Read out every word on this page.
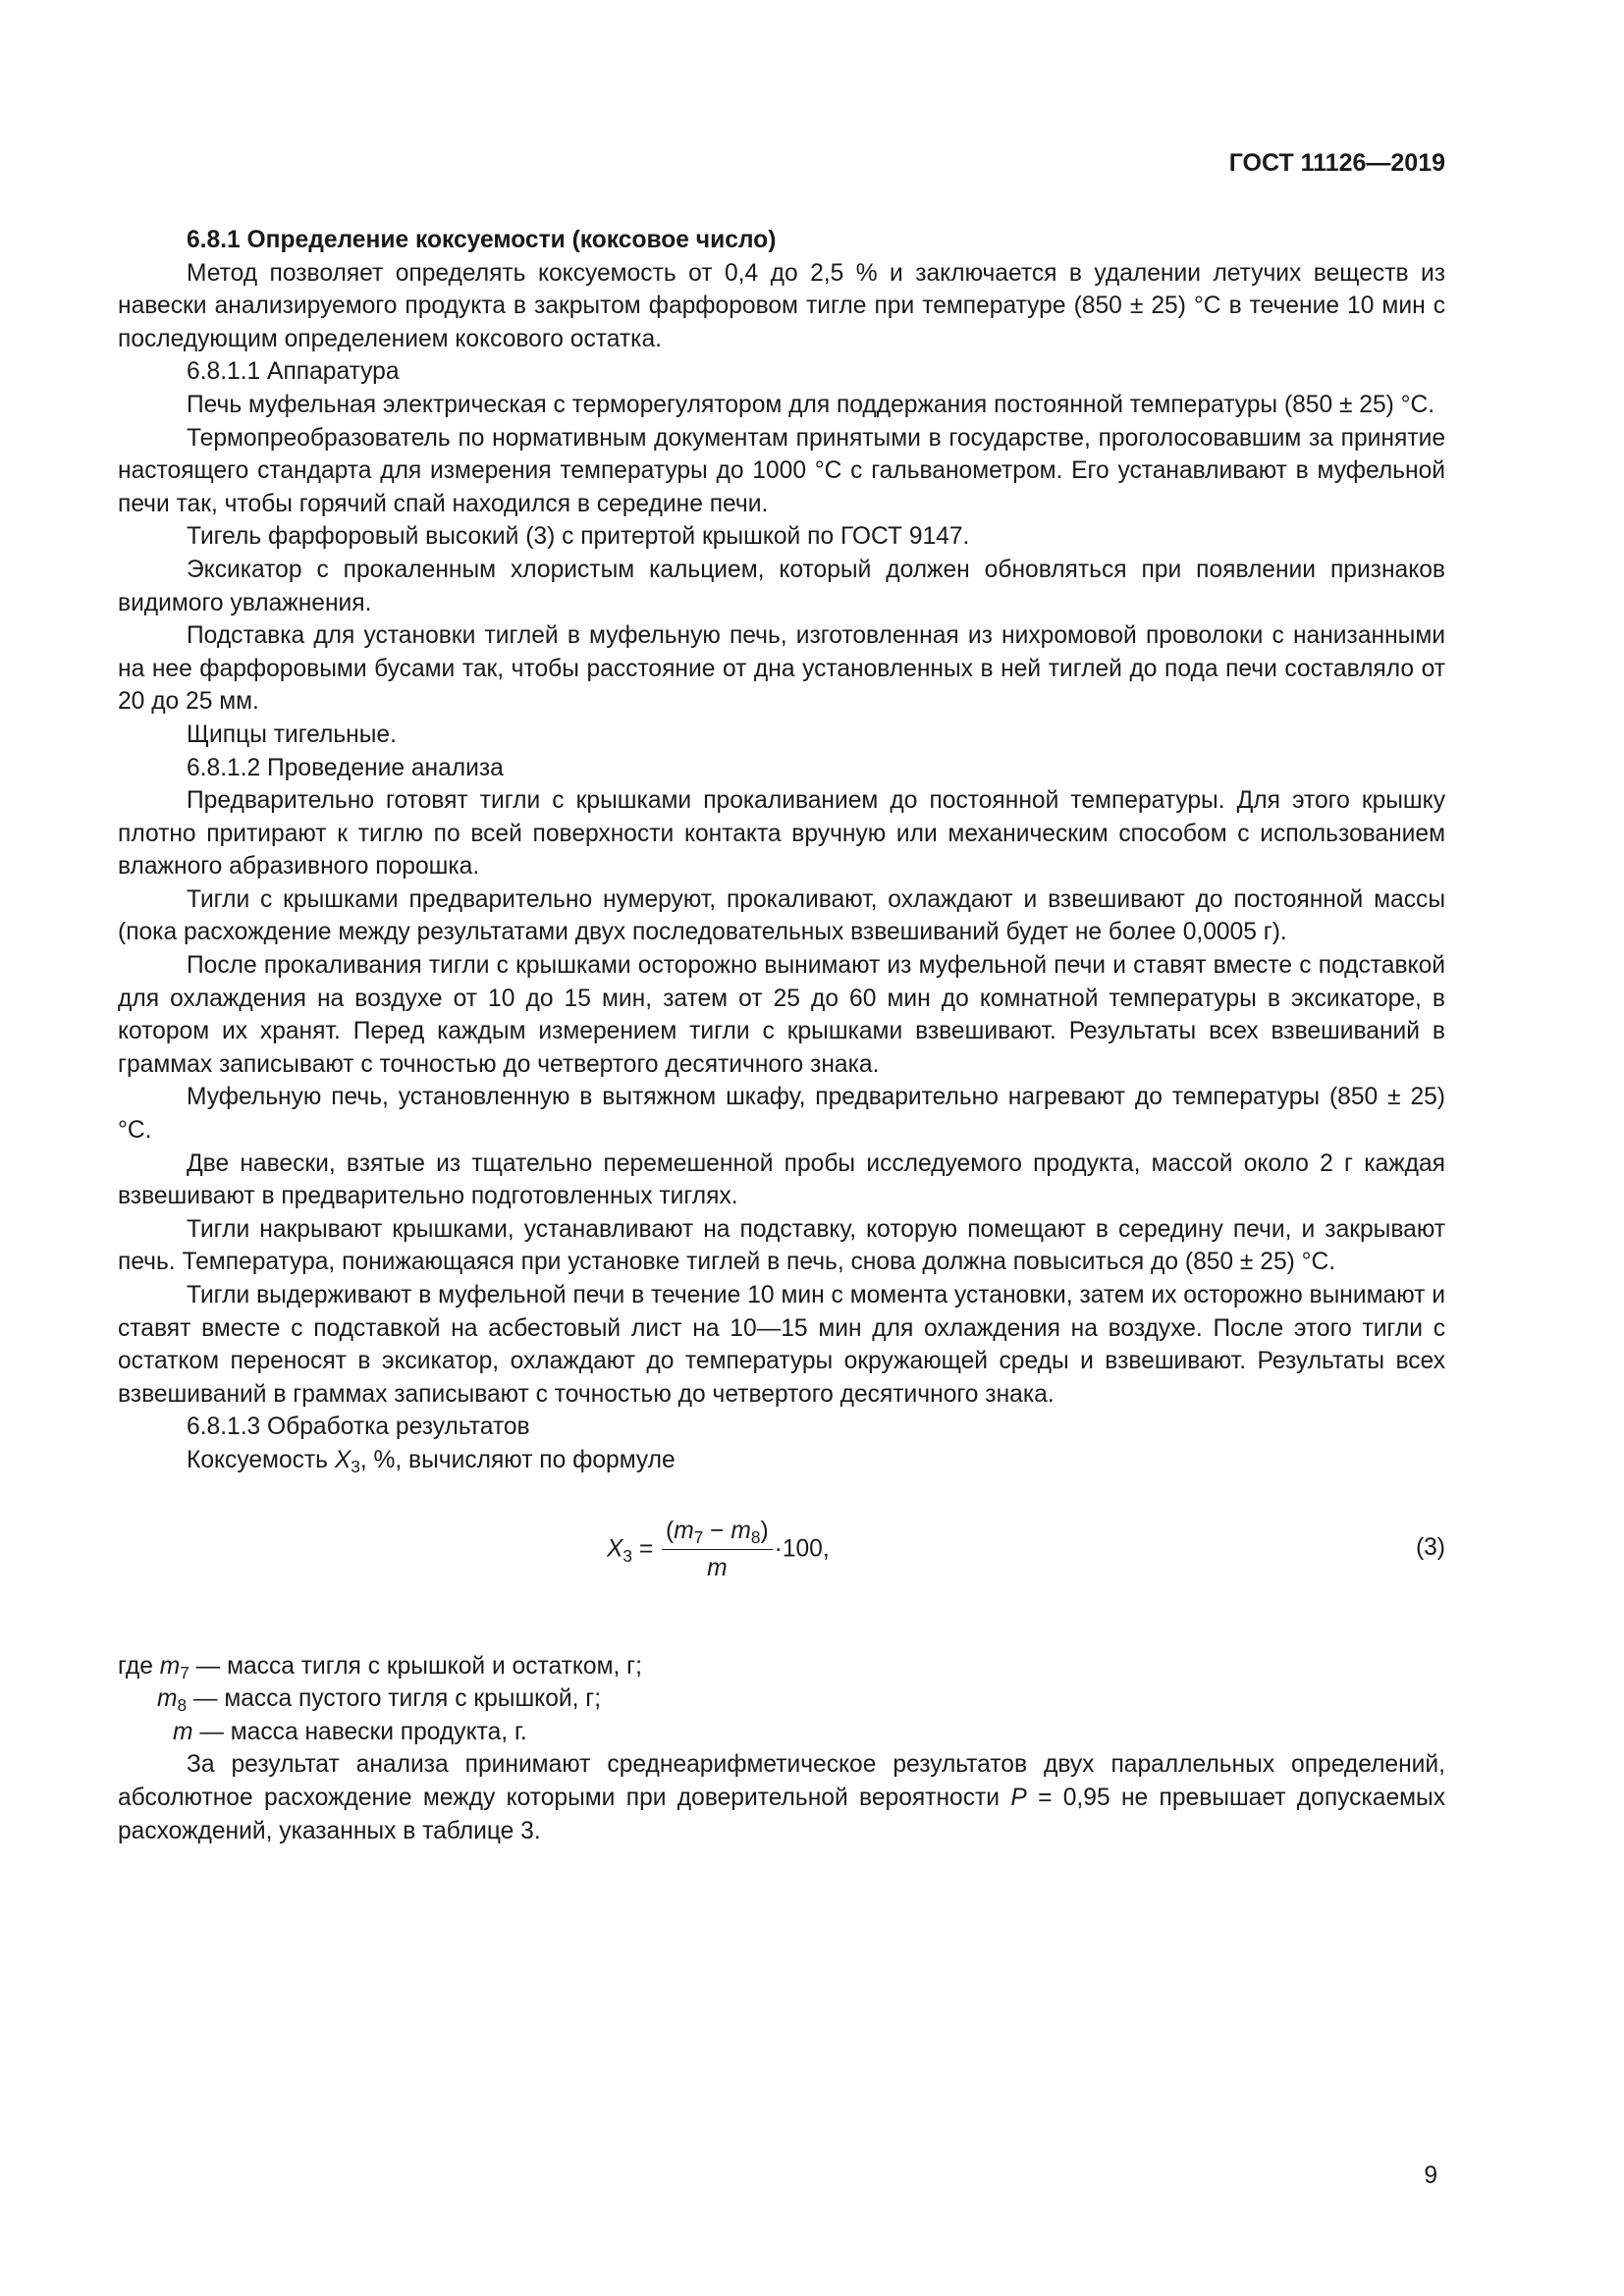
ГОСТ 11126—2019

6.8.1 Определение коксуемости (коксовое число)

Метод позволяет определять коксуемость от 0,4 до 2,5 % и заключается в удалении летучих веществ из навески анализируемого продукта в закрытом фарфоровом тигле при температуре (850 ± 25) °С в течение 10 мин с последующим определением коксового остатка.

6.8.1.1 Аппаратура

Печь муфельная электрическая с терморегулятором для поддержания постоянной температуры (850 ± 25) °С.

Термопреобразователь по нормативным документам принятыми в государстве, проголосовавшим за принятие настоящего стандарта для измерения температуры до 1000 °С с гальванометром. Его устанавливают в муфельной печи так, чтобы горячий спай находился в середине печи.

Тигель фарфоровый высокий (3) с притертой крышкой по ГОСТ 9147.

Эксикатор с прокаленным хлористым кальцием, который должен обновляться при появлении признаков видимого увлажнения.

Подставка для установки тиглей в муфельную печь, изготовленная из нихромовой проволоки с нанизанными на нее фарфоровыми бусами так, чтобы расстояние от дна установленных в ней тиглей до пода печи составляло от 20 до 25 мм.

Щипцы тигельные.

6.8.1.2 Проведение анализа

Предварительно готовят тигли с крышками прокаливанием до постоянной температуры. Для этого крышку плотно притирают к тиглю по всей поверхности контакта вручную или механическим способом с использованием влажного абразивного порошка.

Тигли с крышками предварительно нумеруют, прокаливают, охлаждают и взвешивают до постоянной массы (пока расхождение между результатами двух последовательных взвешиваний будет не более 0,0005 г).

После прокаливания тигли с крышками осторожно вынимают из муфельной печи и ставят вместе с подставкой для охлаждения на воздухе от 10 до 15 мин, затем от 25 до 60 мин до комнатной температуры в эксикаторе, в котором их хранят. Перед каждым измерением тигли с крышками взвешивают. Результаты всех взвешиваний в граммах записывают с точностью до четвертого десятичного знака.

Муфельную печь, установленную в вытяжном шкафу, предварительно нагревают до температуры (850 ± 25) °С.

Две навески, взятые из тщательно перемешенной пробы исследуемого продукта, массой около 2 г каждая взвешивают в предварительно подготовленных тиглях.

Тигли накрывают крышками, устанавливают на подставку, которую помещают в середину печи, и закрывают печь. Температура, понижающаяся при установке тиглей в печь, снова должна повыситься до (850 ± 25) °С.

Тигли выдерживают в муфельной печи в течение 10 мин с момента установки, затем их осторожно вынимают и ставят вместе с подставкой на асбестовый лист на 10—15 мин для охлаждения на воздухе. После этого тигли с остатком переносят в эксикатор, охлаждают до температуры окружающей среды и взвешивают. Результаты всех взвешиваний в граммах записывают с точностью до четвертого десятичного знака.

6.8.1.3 Обработка результатов

Коксуемость $X_3$, %, вычисляют по формуле

$X_3 = \frac{(m_7 - m_8)}{m} \cdot 100$,	(3)

где $m_7$ — масса тигля с крышкой и остатком, г;

$m_8$ — масса пустого тигля с крышкой, г;

m — масса навески продукта, г.

За результат анализа принимают среднеарифметическое результатов двух параллельных определений, абсолютное расхождение между которыми при доверительной вероятности P = 0,95 не превышает допускаемых расхождений, указанных в таблице 3.

9
